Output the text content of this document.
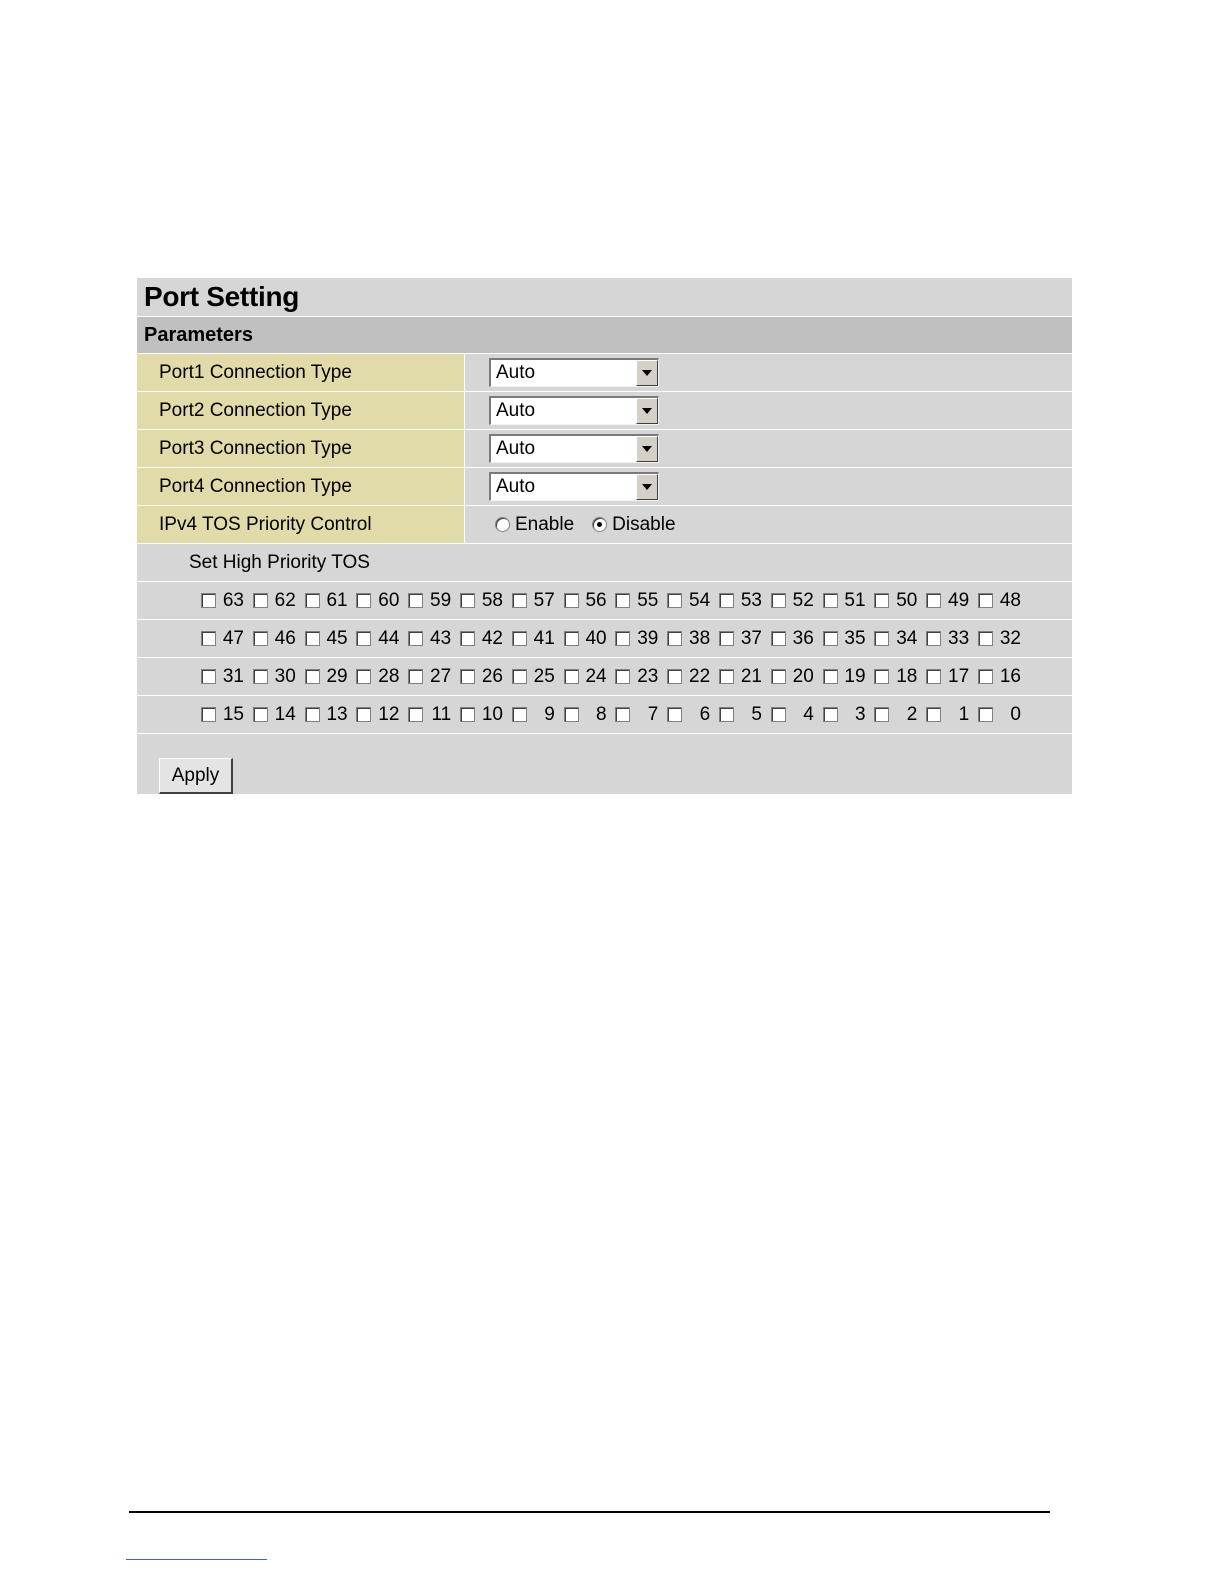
Port Setting
Parameters
Port1 Connection Type	Auto
Port2 Connection Type	Auto
Port3 Connection Type	Auto
Port4 Connection Type	Auto
IPv4 TOS Priority Control	Enable Disable
Set High Priority TOS
63 62 61 60 59 58 57 56 55 54 53 52 51 50 49 48
47 46 45 44 43 42 41 40 39 38 37 36 35 34 33 32
31 30 29 28 27 26 25 24 23 22 21 20 19 18 17 16
15 14 13 12 11 10	9	8	7	6	5	4	3	2	1	0
Apply
